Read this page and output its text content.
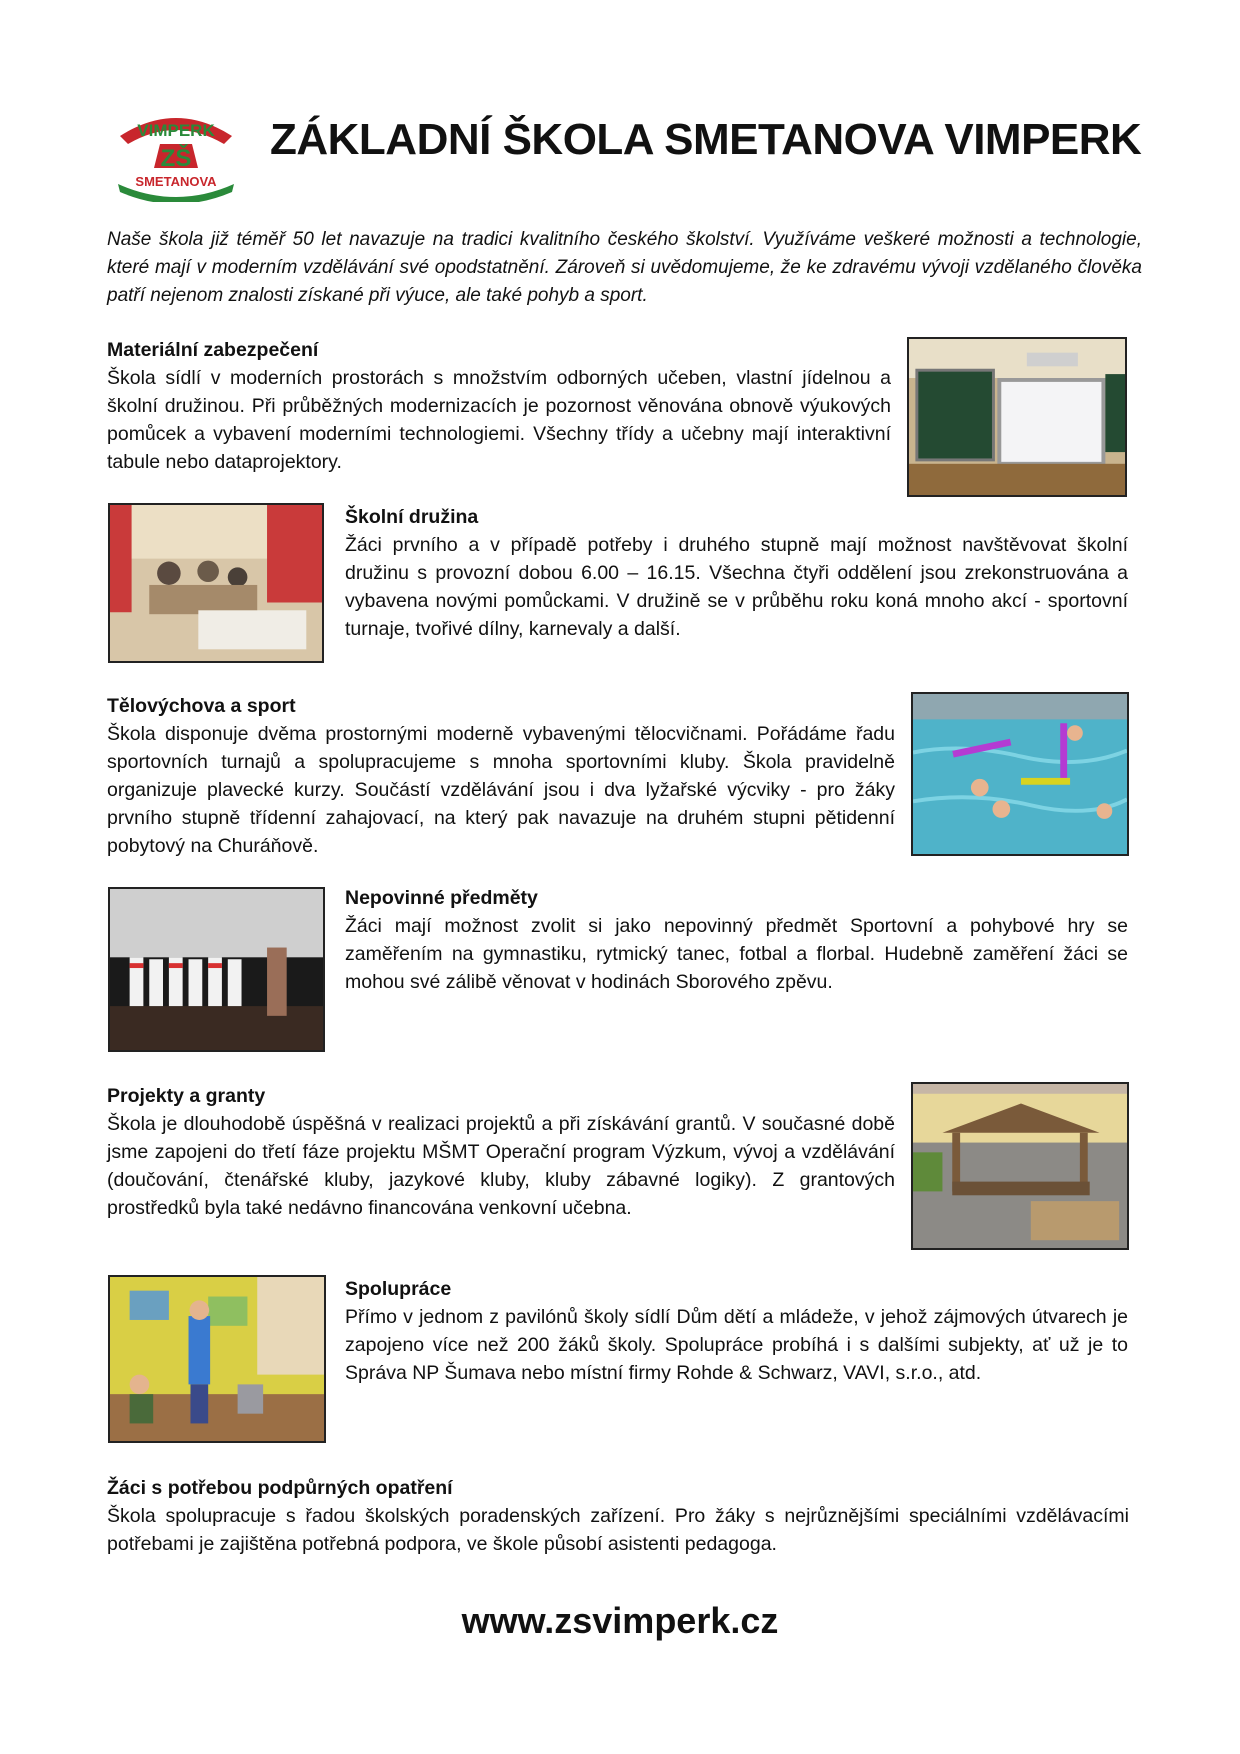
VIMPERK
ZŠ
SMETANOVA
ZÁKLADNÍ ŠKOLA SMETANOVA VIMPERK
Naše škola již téměř 50 let navazuje na tradici kvalitního českého školství. Využíváme veškeré možnosti a technologie, které mají v moderním vzdělávání své opodstatnění. Zároveň si uvědomujeme, že ke zdravému vývoji vzdělaného člověka patří nejenom znalosti získané při výuce, ale také pohyb a sport.
Materiální zabezpečení
Škola sídlí v moderních prostorách s množstvím odborných učeben, vlastní jídelnou a školní družinou. Při průběžných modernizacích je pozornost věnována obnově výukových pomůcek a vybavení moderními technologiemi. Všechny třídy a učebny mají interaktivní tabule nebo dataprojektory.
Školní družina
Žáci prvního a v případě potřeby i druhého stupně mají možnost navštěvovat školní družinu s provozní dobou 6.00 – 16.15. Všechna čtyři oddělení jsou zrekonstruována a vybavena novými pomůckami. V družině se v průběhu roku koná mnoho akcí - sportovní turnaje, tvořivé dílny, karnevaly a další.
Tělovýchova a sport
Škola disponuje dvěma prostornými moderně vybavenými tělocvičnami. Pořádáme řadu sportovních turnajů a spolupracujeme s mnoha sportovními kluby. Škola pravidelně organizuje plavecké kurzy. Součástí vzdělávání jsou i dva lyžařské výcviky - pro žáky prvního stupně třídenní zahajovací, na který pak navazuje na druhém stupni pětidenní pobytový na Churáňově.
Nepovinné předměty
Žáci mají možnost zvolit si jako nepovinný předmět Sportovní a pohybové hry se zaměřením na gymnastiku, rytmický tanec, fotbal a florbal. Hudebně zaměření žáci se mohou své zálibě věnovat v hodinách Sborového zpěvu.
Projekty a granty
Škola je dlouhodobě úspěšná v realizaci projektů a při získávání grantů. V současné době jsme zapojeni do třetí fáze projektu MŠMT Operační program Výzkum, vývoj a vzdělávání (doučování, čtenářské kluby, jazykové kluby, kluby zábavné logiky). Z grantových prostředků byla také nedávno financována venkovní učebna.
Spolupráce
Přímo v jednom z pavilónů školy sídlí Dům dětí a mládeže, v jehož zájmových útvarech je zapojeno více než 200 žáků školy. Spolupráce probíhá i s dalšími subjekty, ať už je to Správa NP Šumava nebo místní firmy Rohde & Schwarz, VAVI, s.r.o., atd.
Žáci s potřebou podpůrných opatření
Škola spolupracuje s řadou školských poradenských zařízení. Pro žáky s nejrůznějšími speciálními vzdělávacími potřebami je zajištěna potřebná podpora, ve škole působí asistenti pedagoga.
www.zsvimperk.cz
